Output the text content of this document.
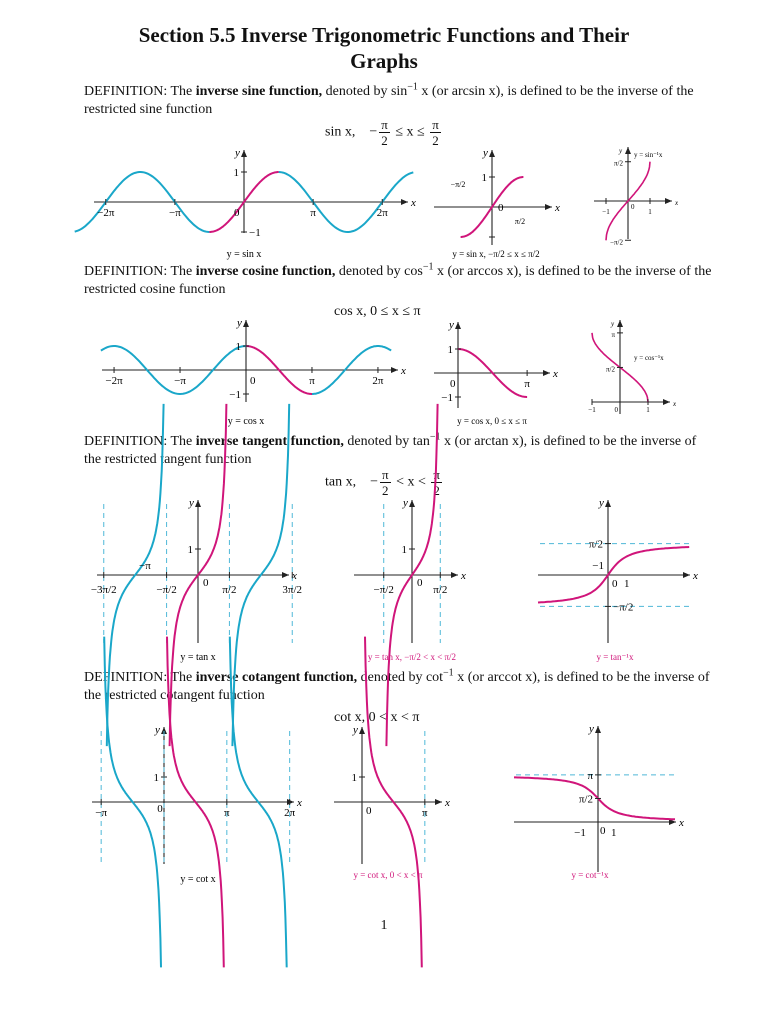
Section 5.5 Inverse Trigonometric Functions and Their
Graphs

DEFINITION: The inverse sine function, denoted by $\sin^{-1} x$ (or arcsin x), is defined to be the inverse of the restricted sine function

sin x, − $\frac{\pi}{2} \le x \le \frac{\pi}{2}$

DEFINITION: The inverse cosine function, denoted by $\cos^{-1} x$ (or arccos x), is defined to be the inverse of the restricted cosine function

cos x, 0 ≤ x ≤ π

DEFINITION: The inverse tangent function, denoted by $\tan^{-1} x$ (or arctan x), is defined to be the inverse of the restricted tangent function

tan x, − $\frac{\pi}{2} < x < \frac{\pi}{2}$

DEFINITION: The inverse cotangent function, denoted by $\cot^{-1} x$ (or arccot x), is defined to be the inverse of the restricted cotangent function

cot x, 0 < x < π
x
y
−2π	−π	π	2π
1
−1
0
y = sin x
x
y
1
0
π/2
−π/2
y = sin x, −π/2 ≤ x ≤ π/2
x
y
−1	1
π/2
−π/2
0
y = sin⁻¹x
x
y
−2π	−π	π	2π
1
−1
0
y = cos x
x
y
π
1
−1
0
y = cos x, 0 ≤ x ≤ π
x
y
−1	1
π
π/2
0
y = cos⁻¹x
x
y
1
0
−3π/2	−π/2	π/2	3π/2
−π
y = tan x
x
y
1
0
−π/2	π/2
y = tan x, −π/2 < x < π/2
x
y
π/2
−π/2
−1
0 1
y = tan⁻¹x
x
y
1
0
−π	π	2π
y = cot x
x
y
1
0	π
y = cot x, 0 < x < π
x
y
π
π/2
−1 0 1
y = cot⁻¹x
1
